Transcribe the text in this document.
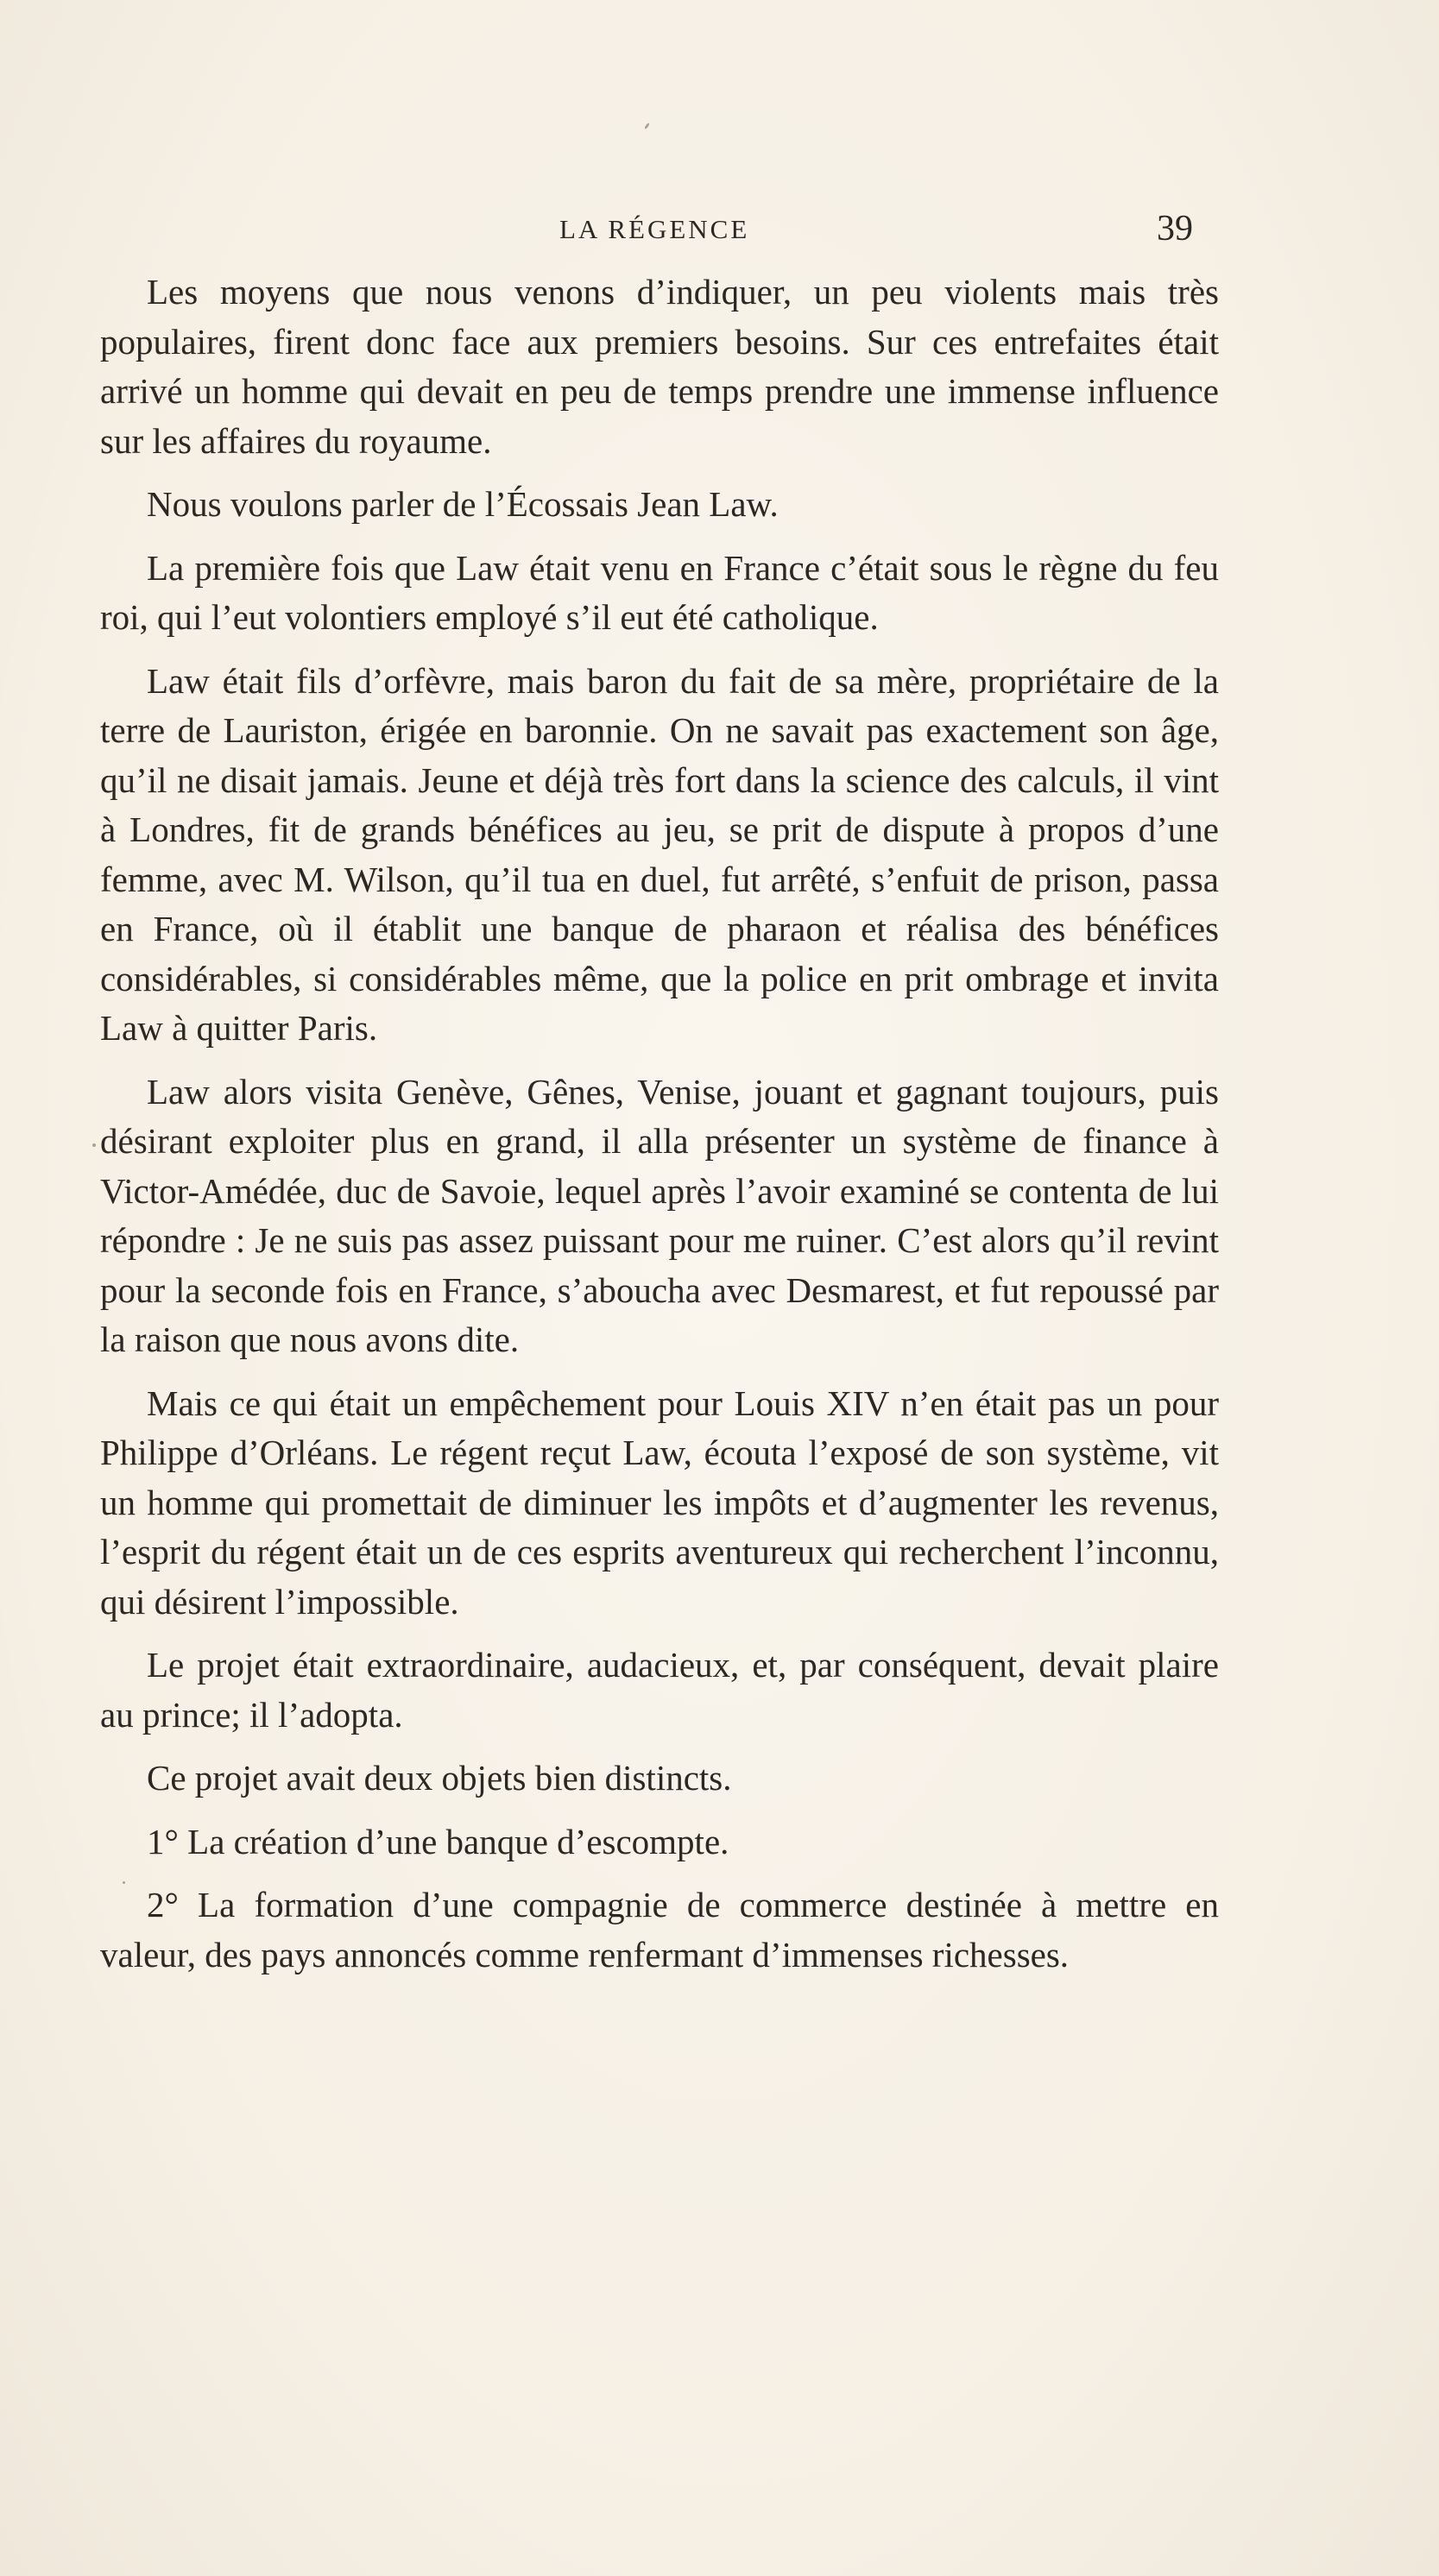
LA RÉGENCE	39

Les moyens que nous venons d’indiquer, un peu violents mais très populaires, firent donc face aux premiers besoins. Sur ces entrefaites était arrivé un homme qui devait en peu de temps prendre une immense influence sur les affaires du royaume.

Nous voulons parler de l’Écossais Jean Law.

La première fois que Law était venu en France c’était sous le règne du feu roi, qui l’eut volontiers employé s’il eut été catholique.

Law était fils d’orfèvre, mais baron du fait de sa mère, propriétaire de la terre de Lauriston, érigée en baronnie. On ne savait pas exactement son âge, qu’il ne disait jamais. Jeune et déjà très fort dans la science des calculs, il vint à Londres, fit de grands bénéfices au jeu, se prit de dispute à propos d’une femme, avec M. Wilson, qu’il tua en duel, fut arrêté, s’enfuit de prison, passa en France, où il établit une banque de pharaon et réalisa des bénéfices considérables, si considérables même, que la police en prit ombrage et invita Law à quitter Paris.

Law alors visita Genève, Gênes, Venise, jouant et gagnant toujours, puis désirant exploiter plus en grand, il alla présenter un système de finance à Victor-Amédée, duc de Savoie, lequel après l’avoir examiné se contenta de lui répondre : Je ne suis pas assez puissant pour me ruiner. C’est alors qu’il revint pour la seconde fois en France, s’aboucha avec Desmarest, et fut repoussé par la raison que nous avons dite.

Mais ce qui était un empêchement pour Louis XIV n’en était pas un pour Philippe d’Orléans. Le régent reçut Law, écouta l’exposé de son système, vit un homme qui promettait de diminuer les impôts et d’augmenter les revenus, l’esprit du régent était un de ces esprits aventureux qui recherchent l’inconnu, qui désirent l’impossible.

Le projet était extraordinaire, audacieux, et, par conséquent, devait plaire au prince; il l’adopta.

Ce projet avait deux objets bien distincts.

1° La création d’une banque d’escompte.

2° La formation d’une compagnie de commerce destinée à mettre en valeur, des pays annoncés comme renfermant d’immenses richesses.
